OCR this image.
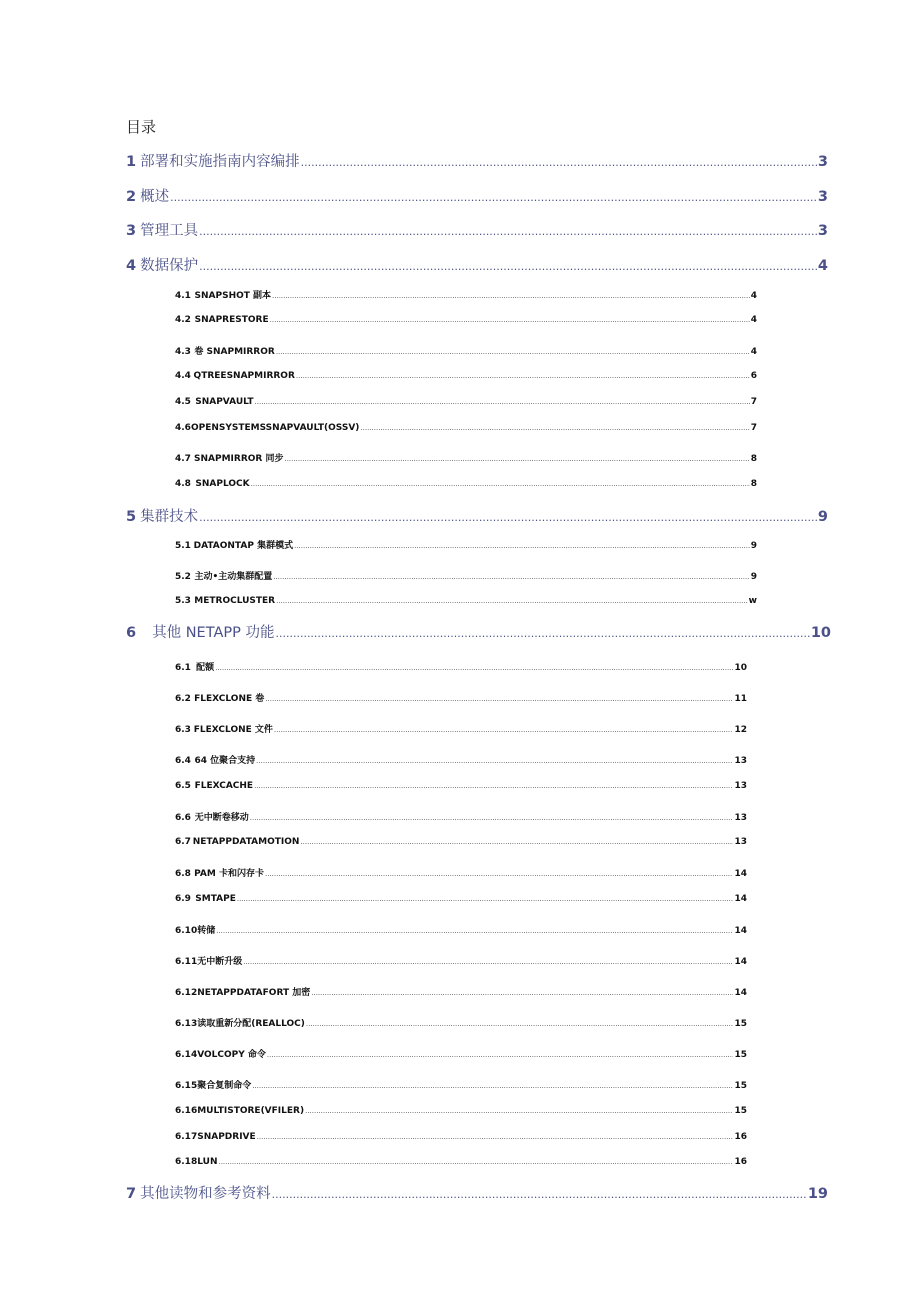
目录
1 部署和实施指南内容编排 .....	3
2 概述 .....	3
3 管理工具 .....	3
4 数据保护 .....	4
4.1 SNAPSHOT 副本 .....	4
4.2 SNAPRESTORE .....	4
4.3 卷 SNAPMIRROR .....	4
4.4 QTREESNAPMIRROR .....	6
4.5 SNAPVAULT .....	7
4.6 OPENSYSTEMSSNAPVAULT(OSSV) .....	7
4.7 SNAPMIRROR 同步 .....	8
4.8 SNAPLOCK .....	8
5 集群技术 .....	9
5.1 DATAONTAP 集群模式 .....	9
5.2 主动•主动集群配置 .....	9
5.3 METROCLUSTER .....	w
6 其他 NETAPP 功能 .....	10
6.1 配额 .....	10
6.2 FLEXCLONE 卷 .....	11
6.3 FLEXCLONE 文件 .....	12
6.4 64 位聚合支持 .....	13
6.5 FLEXCACHE .....	13
6.6 无中断卷移动 .....	13
6.7 NETAPPDATAMOTION .....	13
6.8 PAM 卡和闪存卡 .....	14
6.9 SMTAPE .....	14
6.10 转储 .....	14
6.11 无中断升级 .....	14
6.12 NETAPPDATAFORT 加密 .....	14
6.13 读取重新分配(REALLOC) .....	15
6.14 VOLCOPY 命令 .....	15
6.15 聚合复制命令 .....	15
6.16 MULTISTORE(VFILER) .....	15
6.17 SNAPDRIVE .....	16
6.18 LUN .....	16
7 其他读物和参考资料 .....	19
